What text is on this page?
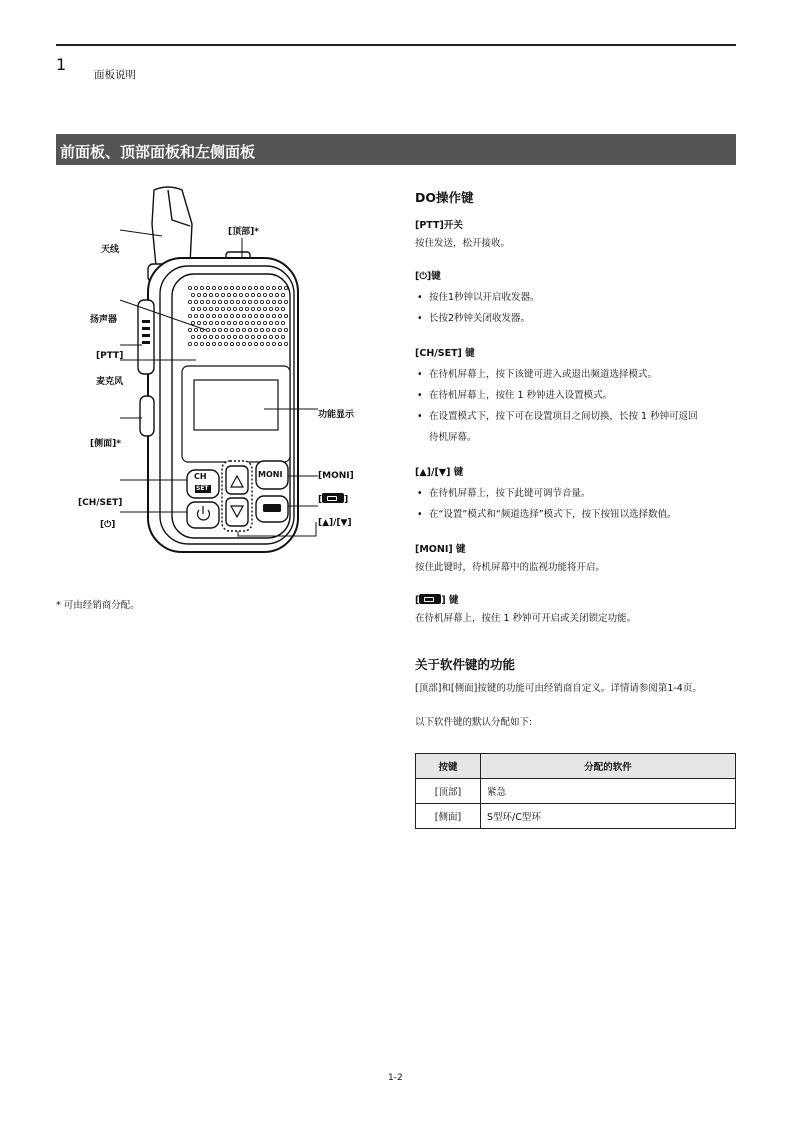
1
面板说明
前面板、顶部面板和左侧面板
天线
[顶部]*
扬声器
[PTT]
麦克风
[侧面]*
功能显示
[MONI]
[ ]
[▲]/[▼]
[CH/SET]
[⏻]
CH
SET
MONI
* 可由经销商分配。
DO操作键
[PTT]开关

按住发送，松开接收。

[⏻]键
• 按住1秒钟以开启收发器。
• 长按2秒钟关闭收发器。
[CH/SET] 键
• 在待机屏幕上，按下该键可进入或退出频道选择模式。
• 在待机屏幕上，按住 1 秒钟进入设置模式。
• 在设置模式下，按下可在设置项目之间切换，长按 1 秒钟可返回
待机屏幕。
[▲]/[▼] 键
• 在待机屏幕上，按下此键可调节音量。
• 在“设置”模式和“频道选择”模式下，按下按钮以选择数值。
[MONI] 键

按住此键时，待机屏幕中的监视功能将开启。

[ ] 键

在待机屏幕上，按住 1 秒钟可开启或关闭锁定功能。

关于软件键的功能

[顶部]和[侧面]按键的功能可由经销商自定义。详情请参阅第1-4页。

以下软件键的默认分配如下:

按键	分配的软件
[顶部]	紧急
[侧面]	S型环/C型环
1-2
